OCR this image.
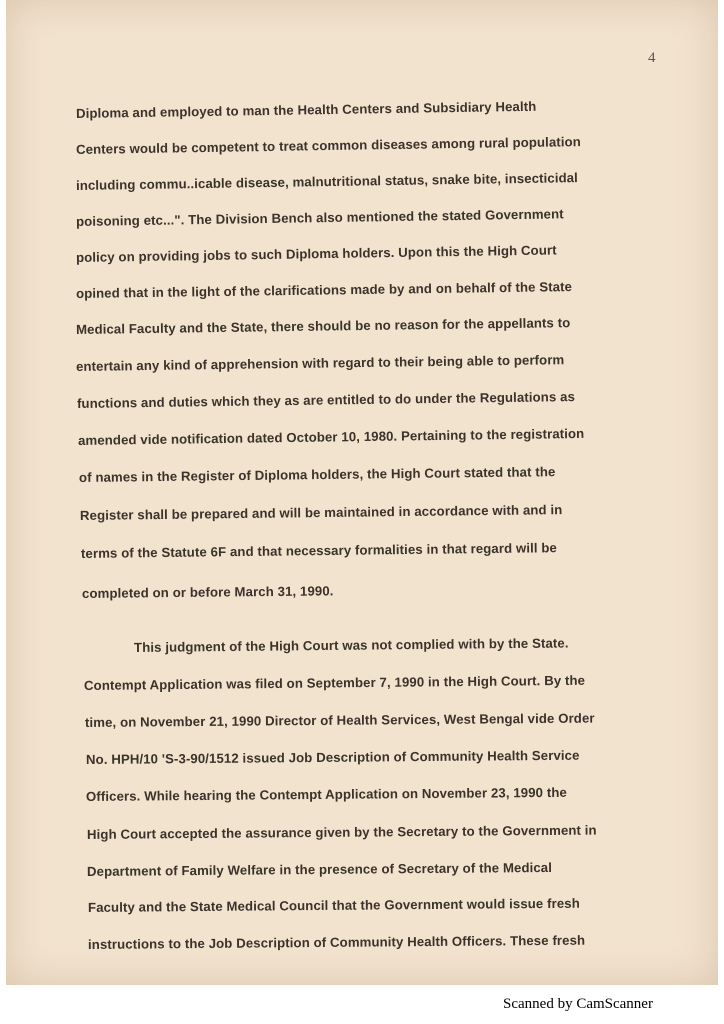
4
Diploma and employed to man the Health Centers and Subsidiary Health
Centers would be competent to treat common diseases among rural population
including commu..icable disease, malnutritional status, snake bite, insecticidal
poisoning etc...". The Division Bench also mentioned the stated Government
policy on providing jobs to such Diploma holders. Upon this the High Court
opined that in the light of the clarifications made by and on behalf of the State
Medical Faculty and the State, there should be no reason for the appellants to
entertain any kind of apprehension with regard to their being able to perform
functions and duties which they as are entitled to do under the Regulations as
amended vide notification dated October 10, 1980. Pertaining to the registration
of names in the Register of Diploma holders, the High Court stated that the
Register shall be prepared and will be maintained in accordance with and in
terms of the Statute 6F and that necessary formalities in that regard will be
completed on or before March 31, 1990.
This judgment of the High Court was not complied with by the State.
Contempt Application was filed on September 7, 1990 in the High Court. By the
time, on November 21, 1990 Director of Health Services, West Bengal vide Order
No. HPH/10 'S-3-90/1512 issued Job Description of Community Health Service
Officers. While hearing the Contempt Application on November 23, 1990 the
High Court accepted the assurance given by the Secretary to the Government in
Department of Family Welfare in the presence of Secretary of the Medical
Faculty and the State Medical Council that the Government would issue fresh
instructions to the Job Description of Community Health Officers. These fresh
Scanned by CamScanner
